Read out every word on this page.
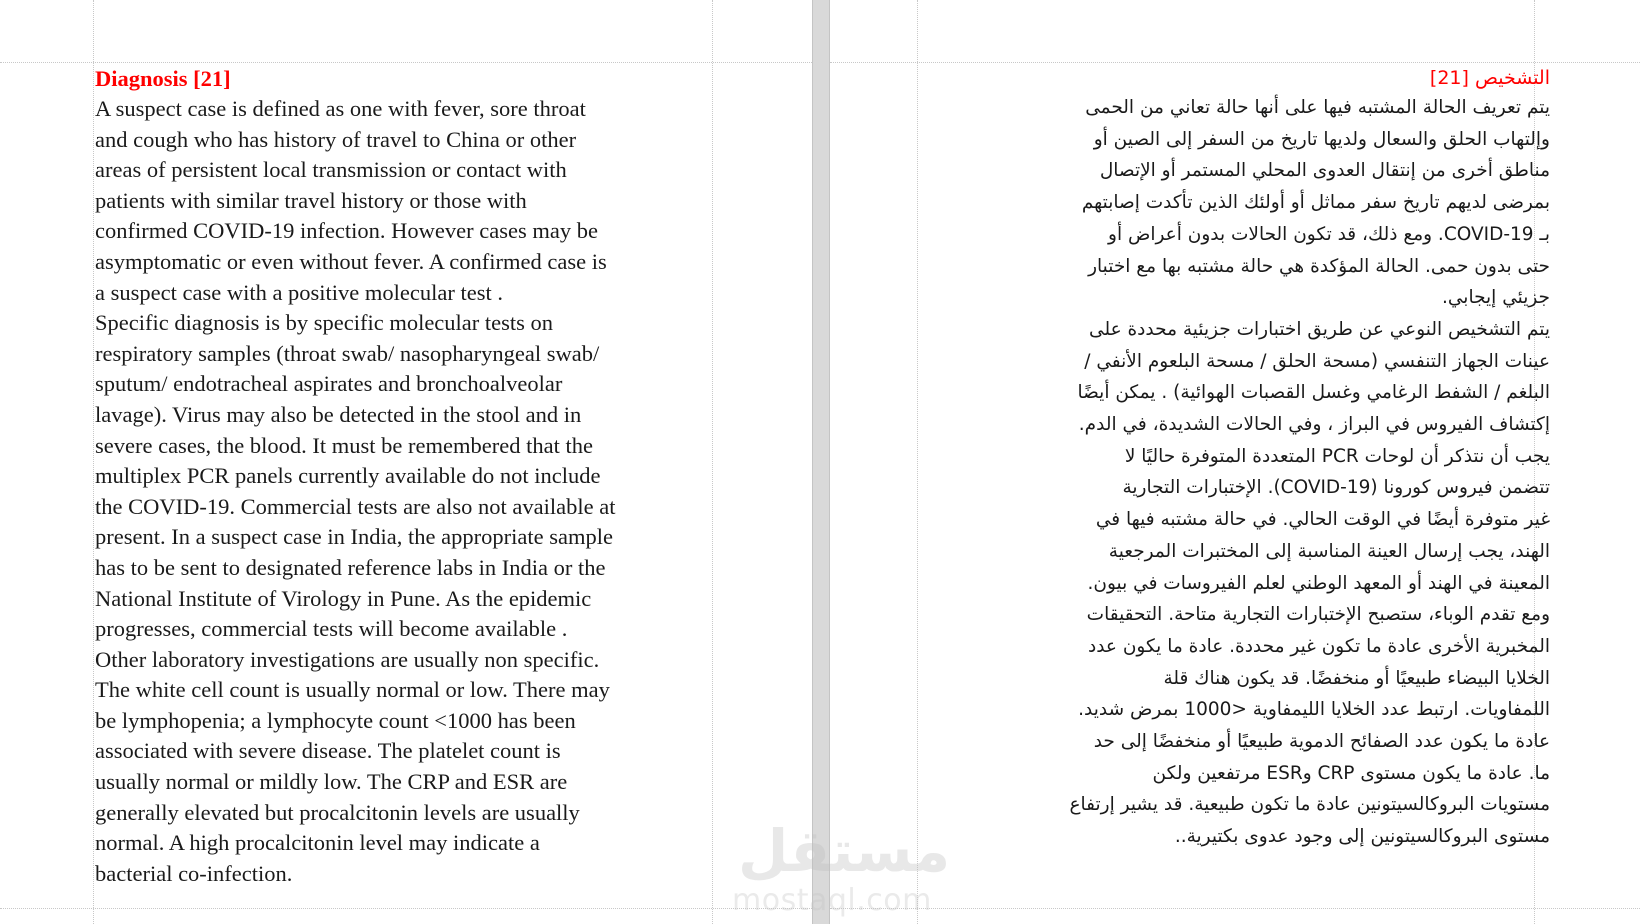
Diagnosis [21]
A suspect case is defined as one with fever, sore throat
and cough who has history of travel to China or other
areas of persistent local transmission or contact with
patients with similar travel history or those with
confirmed COVID-19 infection. However cases may be
asymptomatic or even without fever. A confirmed case is
a suspect case with a positive molecular test .
Specific diagnosis is by specific molecular tests on
respiratory samples (throat swab/ nasopharyngeal swab/
sputum/ endotracheal aspirates and bronchoalveolar
lavage). Virus may also be detected in the stool and in
severe cases, the blood. It must be remembered that the
multiplex PCR panels currently available do not include
the COVID-19. Commercial tests are also not available at
present. In a suspect case in India, the appropriate sample
has to be sent to designated reference labs in India or the
National Institute of Virology in Pune. As the epidemic
progresses, commercial tests will become available .
Other laboratory investigations are usually non specific.
The white cell count is usually normal or low. There may
be lymphopenia; a lymphocyte count <1000 has been
associated with severe disease. The platelet count is
usually normal or mildly low. The CRP and ESR are
generally elevated but procalcitonin levels are usually
normal. A high procalcitonin level may indicate a
bacterial co-infection.
التشخيص [21]
يتم تعريف الحالة المشتبه فيها على أنها حالة تعاني من الحمى
وإلتهاب الحلق والسعال ولديها تاريخ من السفر إلى الصين أو
مناطق أخرى من إنتقال العدوى المحلي المستمر أو الإتصال
بمرضى لديهم تاريخ سفر مماثل أو أولئك الذين تأكدت إصابتهم
بـ COVID-19. ومع ذلك، قد تكون الحالات بدون أعراض أو
حتى بدون حمى. الحالة المؤكدة هي حالة مشتبه بها مع اختبار
جزيئي إيجابي.
يتم التشخيص النوعي عن طريق اختبارات جزيئية محددة على
عينات الجهاز التنفسي (مسحة الحلق / مسحة البلعوم الأنفي /
البلغم / الشفط الرغامي وغسل القصبات الهوائية) . يمكن أيضًا
إكتشاف الفيروس في البراز ، وفي الحالات الشديدة، في الدم.
يجب أن نتذكر أن لوحات PCR المتعددة المتوفرة حاليًا لا
تتضمن فيروس كورونا (COVID-19). الإختبارات التجارية
غير متوفرة أيضًا في الوقت الحالي. في حالة مشتبه فيها في
الهند، يجب إرسال العينة المناسبة إلى المختبرات المرجعية
المعينة في الهند أو المعهد الوطني لعلم الفيروسات في بيون.
ومع تقدم الوباء، ستصبح الإختبارات التجارية متاحة. التحقيقات
المخبرية الأخرى عادة ما تكون غير محددة. عادة ما يكون عدد
الخلايا البيضاء طبيعيًا أو منخفضًا. قد يكون هناك قلة
اللمفاويات. ارتبط عدد الخلايا الليمفاوية <1000 بمرض شديد.
عادة ما يكون عدد الصفائح الدموية طبيعيًا أو منخفضًا إلى حد
ما. عادة ما يكون مستوى CRP وESR مرتفعين ولكن
مستويات البروكالسيتونين عادة ما تكون طبيعية. قد يشير إرتفاع
مستوى البروكالسيتونين إلى وجود عدوى بكتيرية..
مستقل
mostaql.com
